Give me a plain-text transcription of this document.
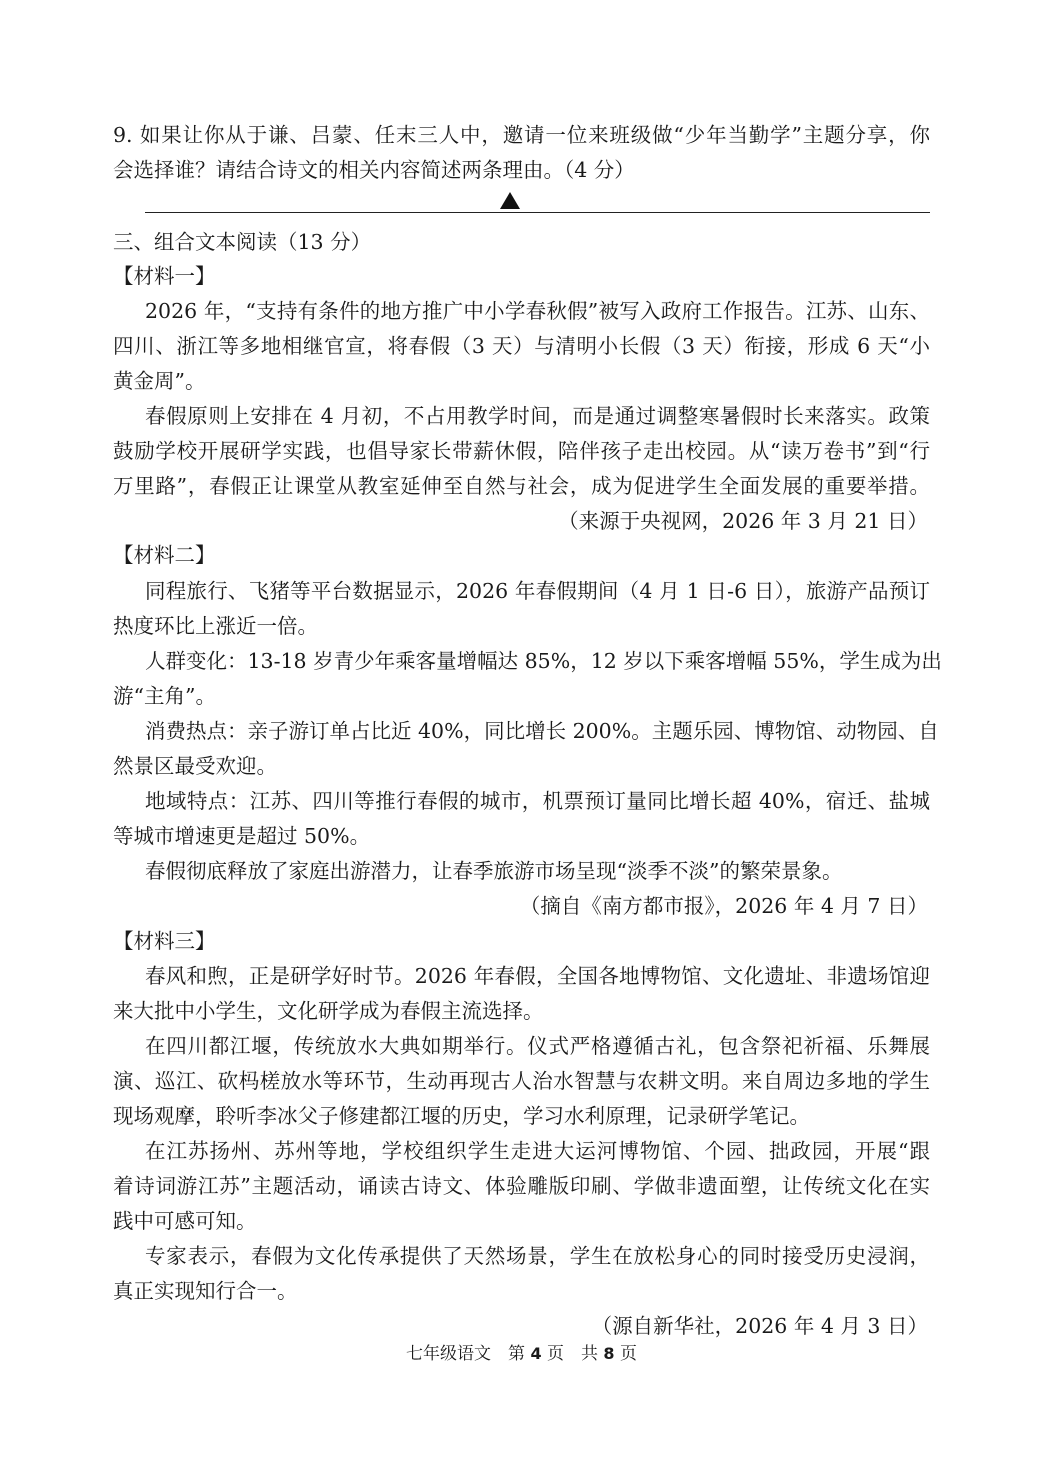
9. 如果让你从于谦、吕蒙、任末三人中，邀请一位来班级做“少年当勤学”主题分享，你
会选择谁？请结合诗文的相关内容简述两条理由。（4 分）
三、组合文本阅读（13 分）
【材料一】
2026 年，“支持有条件的地方推广中小学春秋假”被写入政府工作报告。江苏、山东、
四川、浙江等多地相继官宣，将春假（3 天）与清明小长假（3 天）衔接，形成 6 天“小
黄金周”。
春假原则上安排在 4 月初，不占用教学时间，而是通过调整寒暑假时长来落实。政策
鼓励学校开展研学实践，也倡导家长带薪休假，陪伴孩子走出校园。从“读万卷书”到“行
万里路”，春假正让课堂从教室延伸至自然与社会，成为促进学生全面发展的重要举措。
（来源于央视网，2026 年 3 月 21 日）
【材料二】
同程旅行、飞猪等平台数据显示，2026 年春假期间（4 月 1 日-6 日），旅游产品预订
热度环比上涨近一倍。
人群变化：13-18 岁青少年乘客量增幅达 85%，12 岁以下乘客增幅 55%，学生成为出
游“主角”。
消费热点：亲子游订单占比近 40%，同比增长 200%。主题乐园、博物馆、动物园、自
然景区最受欢迎。
地域特点：江苏、四川等推行春假的城市，机票预订量同比增长超 40%，宿迁、盐城
等城市增速更是超过 50%。
春假彻底释放了家庭出游潜力，让春季旅游市场呈现“淡季不淡”的繁荣景象。
（摘自《南方都市报》，2026 年 4 月 7 日）
【材料三】
春风和煦，正是研学好时节。2026 年春假，全国各地博物馆、文化遗址、非遗场馆迎
来大批中小学生，文化研学成为春假主流选择。
在四川都江堰，传统放水大典如期举行。仪式严格遵循古礼，包含祭祀祈福、乐舞展
演、巡江、砍杩槎放水等环节，生动再现古人治水智慧与农耕文明。来自周边多地的学生
现场观摩，聆听李冰父子修建都江堰的历史，学习水利原理，记录研学笔记。
在江苏扬州、苏州等地，学校组织学生走进大运河博物馆、个园、拙政园，开展“跟
着诗词游江苏”主题活动，诵读古诗文、体验雕版印刷、学做非遗面塑，让传统文化在实
践中可感可知。
专家表示，春假为文化传承提供了天然场景，学生在放松身心的同时接受历史浸润，
真正实现知行合一。
（源自新华社，2026 年 4 月 3 日）
七年级语文　第 4 页　共 8 页
